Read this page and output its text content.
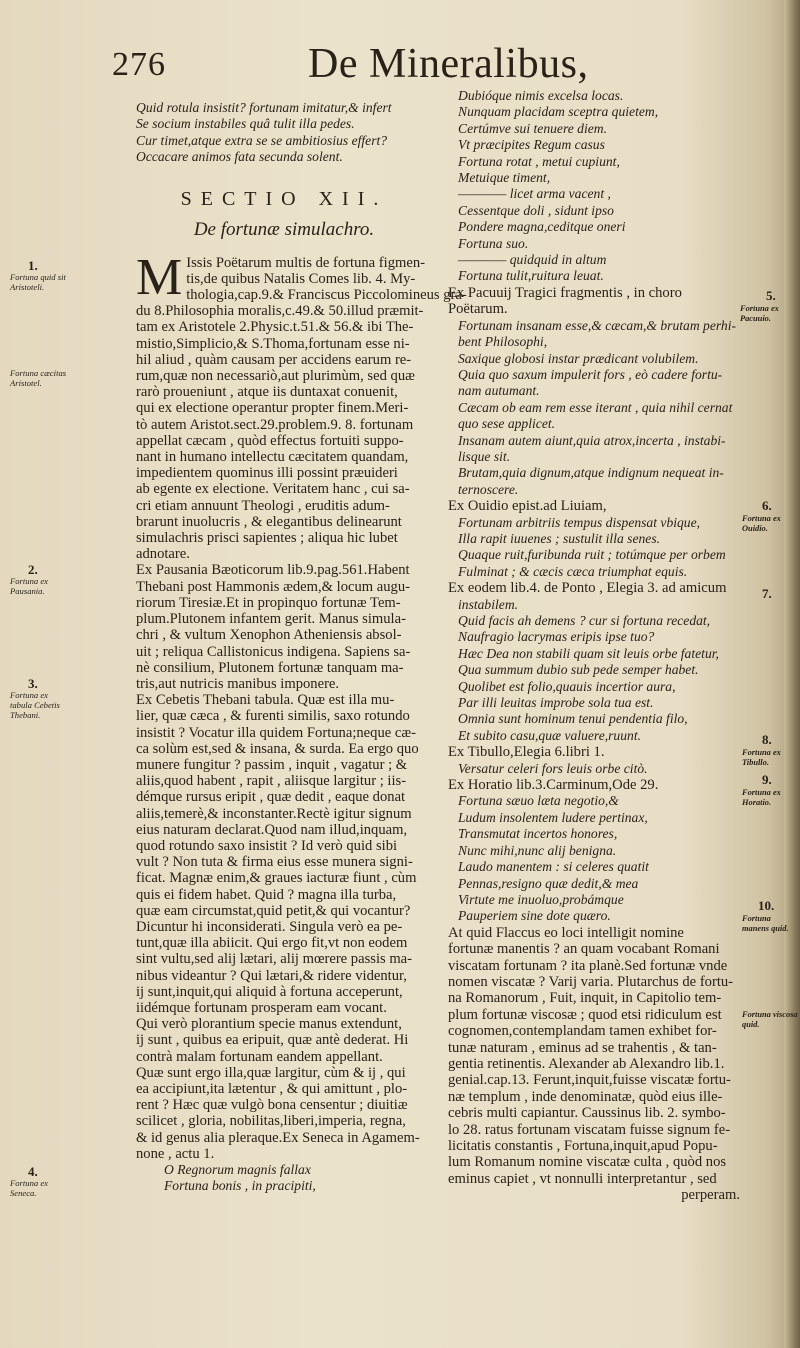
276	De Mineralibus,
1.
Fortuna quid sit Aristoteli.
Fortuna cæcitas Aristotel.
2.
Fortuna ex Pausania.
3.
Fortuna ex tabula Cebetis Thebani.
4.
Fortuna ex Seneca.
Quid rotula insistit? fortunam imitatur,& infert
Se socium instabiles quâ tulit illa pedes.
Cur timet,atque extra se se ambitiosius effert?
Occacare animos fata secunda solent.
SECTIO XII.
De fortunæ simulachro.
M Issis Poëtarum multis de fortuna figmen-
tis,de quibus Natalis Comes lib. 4. My-
thologia,cap.9.& Franciscus Piccolomineus gra-
du 8.Philosophia moralis,c.49.& 50.illud præmit-
tam ex Aristotele 2.Physic.t.51.& 56.& ibi The-
mistio,Simplicio,& S.Thoma,fortunam esse ni-
hil aliud , quàm causam per accidens earum re-
rum,quæ non necessariò,aut plurimùm, sed quæ
rarò proueniunt , atque iis duntaxat conuenit,
qui ex electione operantur propter finem.Meri-
tò autem Aristot.sect.29.problem.9. 8. fortunam
appellat cæcam , quòd effectus fortuiti suppo-
nant in humano intellectu cæcitatem quandam,
impedientem quominus illi possint præuideri
ab egente ex electione. Veritatem hanc , cui sa-
cri etiam annuunt Theologi , eruditis adum-
brarunt inuolucris , & elegantibus delinearunt
simulachris prisci sapientes ; aliqua hic lubet
adnotare.
Ex Pausania Bæoticorum lib.9.pag.561.Habent
Thebani post Hammonis ædem,& locum augu-
riorum Tiresiæ.Et in propinquo fortunæ Tem-
plum.Plutonem infantem gerit. Manus simula-
chri , & vultum Xenophon Atheniensis absol-
uit ; reliqua Callistonicus indigena. Sapiens sa-
nè consilium, Plutonem fortunæ tanquam ma-
tris,aut nutricis manibus imponere.
Ex Cebetis Thebani tabula. Quæ est illa mu-
lier, quæ cæca , & furenti similis, saxo rotundo
insistit ? Vocatur illa quidem Fortuna;neque cæ-
ca solùm est,sed & insana, & surda. Ea ergo quo
munere fungitur ? passim , inquit , vagatur ; &
aliis,quod habent , rapit , aliisque largitur ; iis-
démque rursus eripit , quæ dedit , eaque donat
aliis,temerè,& inconstanter.Rectè igitur signum
eius naturam declarat.Quod nam illud,inquam,
quod rotundo saxo insistit ? Id verò quid sibi
vult ? Non tuta & firma eius esse munera signi-
ficat. Magnæ enim,& graues iacturæ fiunt , cùm
quis ei fidem habet. Quid ? magna illa turba,
quæ eam circumstat,quid petit,& qui vocantur?
Dicuntur hi inconsiderati. Singula verò ea pe-
tunt,quæ illa abiicit. Qui ergo fit,vt non eodem
sint vultu,sed alij lætari, alij mœrere passis ma-
nibus videantur ? Qui lætari,& ridere videntur,
ij sunt,inquit,qui aliquid à fortuna acceperunt,
iidémque fortunam prosperam eam vocant.
Qui verò plorantium specie manus extendunt,
ij sunt , quibus ea eripuit, quæ antè dederat. Hi
contrà malam fortunam eandem appellant.
Quæ sunt ergo illa,quæ largitur, cùm & ij , qui
ea accipiunt,ita lætentur , & qui amittunt , plo-
rent ? Hæc quæ vulgò bona censentur ; diuitiæ
scilicet , gloria, nobilitas,liberi,imperia, regna,
& id genus alia pleraque.Ex Seneca in Agamem-
none , actu 1.
O Regnorum magnis fallax
Fortuna bonis , in pracipiti,
Dubióque nimis excelsa locas.
Nunquam placidam sceptra quietem,
Certúmve sui tenuere diem.
Vt præcipites Regum casus
Fortuna rotat , metui cupiunt,
Metuique timent,
———— licet arma vacent ,
Cessentque doli , sidunt ipso
Pondere magna,ceditque oneri
Fortuna suo.
———— quidquid in altum
Fortuna tulit,ruitura leuat.
Ex Pacuuij Tragici fragmentis , in choro
Poëtarum.
Fortunam insanam esse,& cæcam,& brutam perhi-
bent Philosophi,
Saxique globosi instar prædicant volubilem.
Quia quo saxum impulerit fors , eò cadere fortu-
nam autumant.
Cæcam ob eam rem esse iterant , quia nihil cernat
quo sese applicet.
Insanam autem aiunt,quia atrox,incerta , instabi-
lisque sit.
Brutam,quia dignum,atque indignum nequeat in-
ternoscere.
Ex Ouidio epist.ad Liuiam,
Fortunam arbitriis tempus dispensat vbique,
Illa rapit iuuenes ; sustulit illa senes.
Quaque ruit,furibunda ruit ; totúmque per orbem
Fulminat ; & cæcis cæca triumphat equis.
Ex eodem lib.4. de Ponto , Elegia 3. ad amicum
instabilem.
Quid facis ah demens ? cur si fortuna recedat,
Naufragio lacrymas eripis ipse tuo?
Hæc Dea non stabili quam sit leuis orbe fatetur,
Qua summum dubio sub pede semper habet.
Quolibet est folio,quauis incertior aura,
Par illi leuitas improbe sola tua est.
Omnia sunt hominum tenui pendentia filo,
Et subito casu,quæ valuere,ruunt.
Ex Tibullo,Elegia 6.libri 1.
Versatur celeri fors leuis orbe citò.
Ex Horatio lib.3.Carminum,Ode 29.
Fortuna sæuo læta negotio,&
Ludum insolentem ludere pertinax,
Transmutat incertos honores,
Nunc mihi,nunc alij benigna.
Laudo manentem : si celeres quatit
Pennas,resigno quæ dedit,& mea
Virtute me inuoluo,probámque
Pauperiem sine dote quæro.
At quid Flaccus eo loci intelligit nomine
fortunæ manentis ? an quam vocabant Romani
viscatam fortunam ? ita planè.Sed fortunæ vnde
nomen viscatæ ? Varij varia. Plutarchus de fortu-
na Romanorum , Fuit, inquit, in Capitolio tem-
plum fortunæ viscosæ ; quod etsi ridiculum est
cognomen,contemplandam tamen exhibet for-
tunæ naturam , eminus ad se trahentis , & tan-
gentia retinentis. Alexander ab Alexandro lib.1.
genial.cap.13. Ferunt,inquit,fuisse viscatæ fortu-
næ templum , inde denominatæ, quòd eius ille-
cebris multi capiantur. Caussinus lib. 2. symbo-
lo 28. ratus fortunam viscatam fuisse signum fe-
licitatis constantis , Fortuna,inquit,apud Popu-
lum Romanum nomine viscatæ culta , quòd nos
eminus capiet , vt nonnulli interpretantur , sed
perperam.
5.
Fortuna ex Pacuuio.
6.
Fortuna ex Ouidio.
7.
8.
Fortuna ex Tibullo.
9.
Fortuna ex Horatio.
10.
Fortuna manens quid.
Fortuna viscosa quid.
